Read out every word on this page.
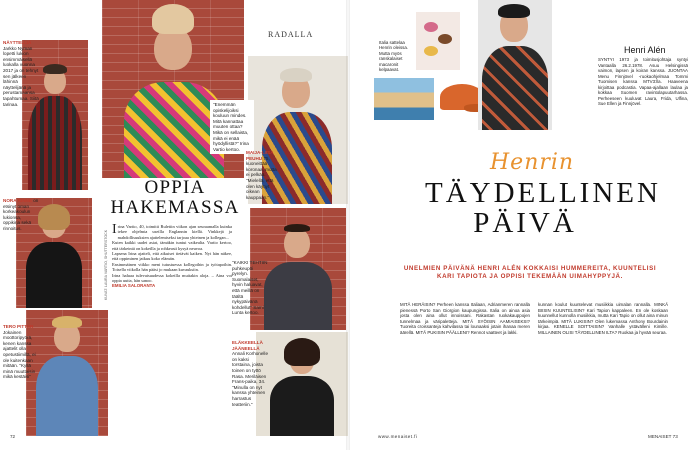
NÄYTTELIJÄ Jarkko Nyman lopetti lukion ensimmäisellä luokalla vuonna 2017 ja on tehnyt sen jälkeen lähinnä näyttelijänä ja perustamaansa tapahtumaa. Siitä tarinaa.	"Enemmän opiskelijoiksi kouluun mindes. Mitä kannattaa muuten ottaa? Mikä on sellaista, mikä ei enää hyödyllistä?" Irina Vartio kertoo.
MAIJA-LIISA PEUHU 75, kuoneittää koronaa, mutta ei pelkää. "Mielellä, että olen käynyt oikean kauppaan."
NORA RINNE on etsinyt oman korkeakoulun lukionsa, oppikirja sekä rinnoitus.
"KAIKKI TEHTIIN puhkeupöi pyrelyn. Suomalaiset, hyvin haluavat, että meillä on täältä nykypäivänä kohdellut" Sami Lunta kertoo.
TERO PITTER Jokainen moottoripyörä, kenen kanssa ajattelit olla opetustiimillä, ei ole kuitenkaan mitään. "Kyllä minä muuttaisin mikä kestäisi"
ELÄKKEELLÄ JÄÄNEELLÄ Annali Korhonelle on kaksi torstaina, joista toinen on tyttö Rasa. Meriläisen Frans-paika, 34. "Minulla on nyt kanssa yhteinen harrastus teatteriin."
RADALLA
OPPIA
HAKEMASSA

Irina Vartio, 40, toimitti Ruletiin viikon ajan seuraamalla kuinka tekee ohjelmia useilla Englannin kiellä. Vinkkejä ja mahdollisuuksien ajattelemiseksi tarjoaa yhteinen ja kollegan...

Kuten kaikki uudet asiat, tämäkin tuntui vaikealta. Vartio kertoo, että tärkeintä on kokeilla ja rohkeasti kysyä neuvoa.

Lapsena Irina ajatteli, että aikuiset tietävät kaiken. Nyt hän näkee, että oppiminen jatkuu koko elämän.

Ensimmäinen viikko meni tutustuessa kollegoihin ja työtapoihin. Toisella viikolla hän pääsi jo mukaan kuvauksiin.

Irina haluaa tulevaisuudessa kokeilla muitakin aloja. – Aina voi oppia uutta, hän sanoo.

EMILIA SALORANTA

KUVAT: LAURA VARTIO, SHUTTERSTOCK
72
Italia sattelaa Henrin oleissa. Mutta myös ranskalaiset macaronit kelpaavat.
Henri Alén
SYNTYI 1973 ja toimitusjohtaja syntyi Vantaalla 26.2.1978. Asuu Helsingissä vaimon, lapsen ja koiran kanssa. JUONTAA Menu Finnjövel -ruokaohjelmaa Tommi Tuomisen kanssa MTV3:lla. Haaveena kirjoittaa podcastia. Vapaa-ajallaan laulaa ja kokkaa Suomen ravintolapuutarhassa. Perheeseen kuuluvat Laura, Frida, Ulfina, Sue Ellen ja Finnjövel.
Henrin
TÄYDELLINEN
PÄIVÄ
UNELMIEN PÄIVÄNÄ HENRI ALÉN KOKKAISI HUMMEREITA, KUUNTELISI KARI TAPIOTA JA OPPISI TEKEMÄÄN UIMAHYPPYJÄ.
MITÄ HERÄISIN? Perheen kanssa Italiaan, Adrianmeren rannalla pienessä Porto San Giorgion kaupungissa. Italia on ainoa asia josta olen aina ollut innoissani. Rakastan ruokakauppojen tunnelmaa ja väripaletteja. MITÄ SYÖISIN AAMIAISEKSI? Tuoreita croissanteja kahvilassa tai lounaaksi jotain ihanaa meren äärellä. MITÄ PUKISIN PÄÄLLENI? Rennot vaatteet ja lakki.
kunnan koulut kuuntelevat musiikkia uimalan rannalla. MINKÄ BIISIN KUUNTELISIN? Kari Tapion kappaleen. En ole koskaan kuunnellut kunnolla musiikkia, mutta Kari Tapio on ollut aina minun tärkeimpiä. MITÄ LUKISIN? Olen lukemassa Anthony Bourdainin kirjaa. KENELLE SOITTAISIN? Vanhalle ystävälleni Kimille. MILLAINEN OLISI TÄYDELLINEN ILTA? Ruokaa ja hyvää seuraa.
www.menaiset.fi	MENAISET 73
